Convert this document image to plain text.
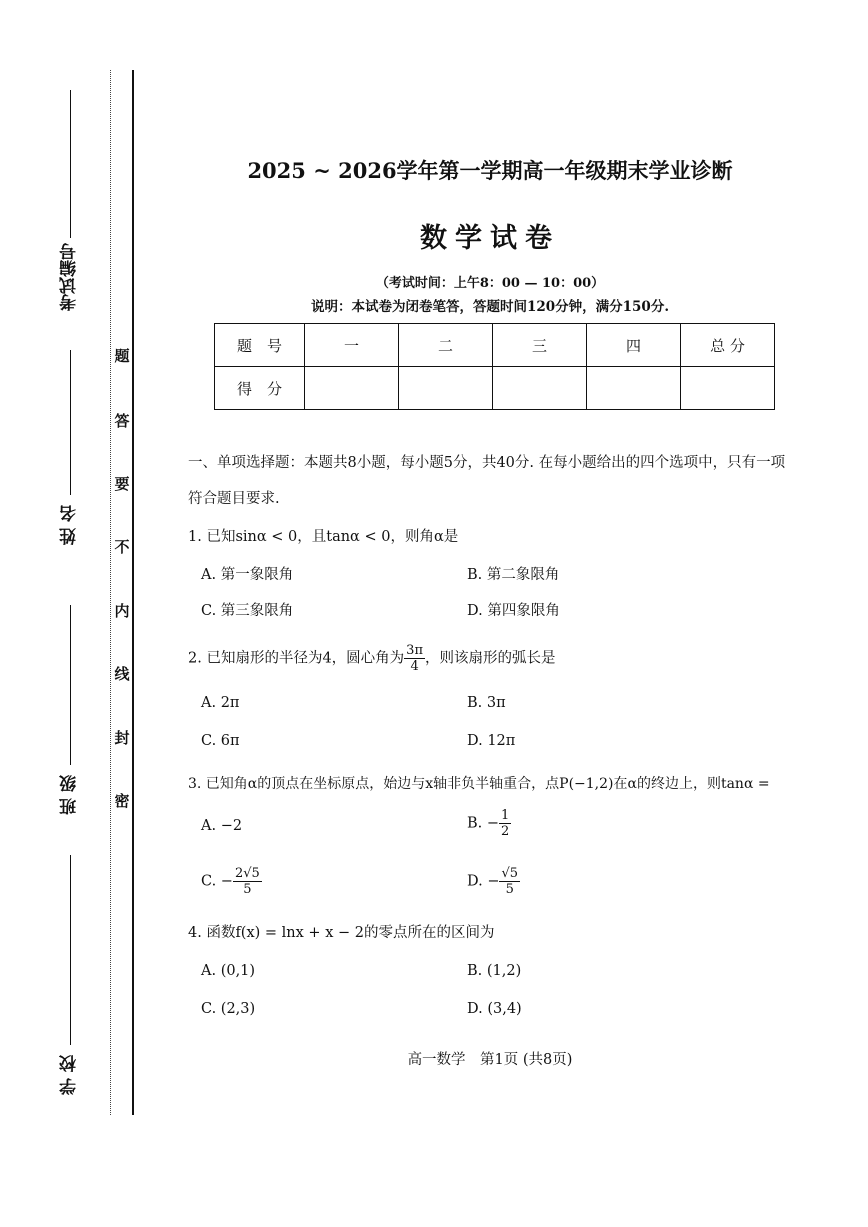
考试编号
姓 名
班 级
学 校
题
答
要
不
内
线
封
密
2025 ~ 2026学年第一学期高一年级期末学业诊断
数学试卷
（考试时间：上午8：00 — 10：00）
说明：本试卷为闭卷笔答，答题时间120分钟，满分150分.
题　号	一	二	三	四	总 分
得　分					
一、单项选择题：本题共8小题，每小题5分，共40分. 在每小题给出的四个选项中，只有一项
符合题目要求.
1. 已知sinα < 0，且tanα < 0，则角α是
A. 第一象限角	B. 第二象限角
C. 第三象限角	D. 第四象限角
2. 已知扇形的半径为4，圆心角为 $\frac{3\pi}{4}$ ，则该扇形的弧长是
A. 2π	B. 3π
C. 6π	D. 12π
3. 已知角α的顶点在坐标原点，始边与x轴非负半轴重合，点P(−1,2)在α的终边上，则tanα =
A. −2	B. − $\frac{1}{2}$
C. − $\frac{2√5}{5}$	D. − $\frac{√5}{5}$
4. 函数f(x) = lnx + x − 2的零点所在的区间为
A. (0,1)	B. (1,2)
C. (2,3)	D. (3,4)
高一数学　第1页 (共8页)
